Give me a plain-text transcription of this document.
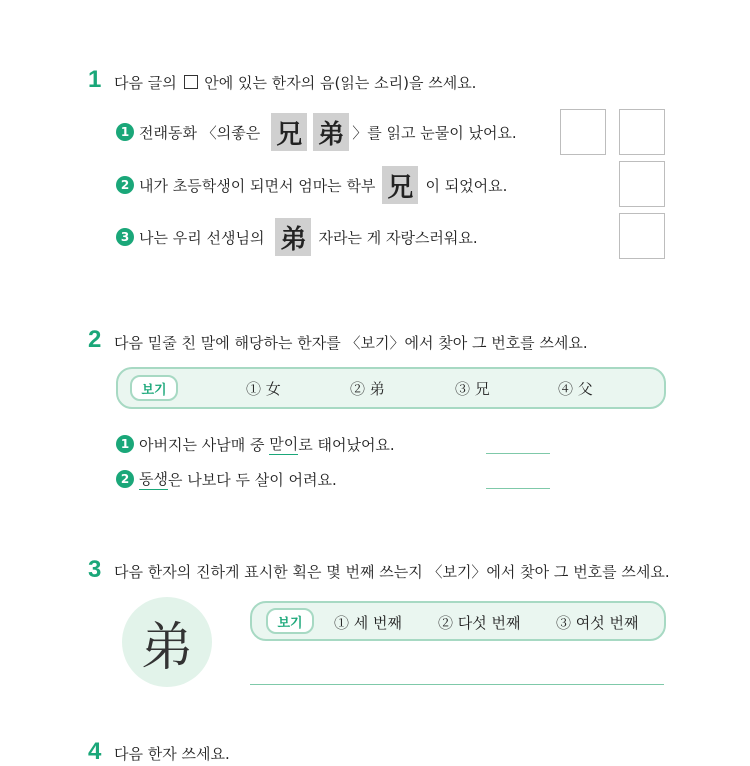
1 다음 글의 안에 있는 한자의 음(읽는 소리)을 쓰세요.
1 전래동화 〈의좋은 兄 弟 〉를 읽고 눈물이 났어요.
2 내가 초등학생이 되면서 엄마는 학부 兄 이 되었어요.
3 나는 우리 선생님의 弟 자라는 게 자랑스러워요.
2 다음 밑줄 친 말에 해당하는 한자를 〈보기〉에서 찾아 그 번호를 쓰세요.
보기	① 女	② 弟	③ 兄	④ 父
1 아버지는 사남매 중 맏이 로 태어났어요.
2 동생 은 나보다 두 살이 어려요.
3 다음 한자의 진하게 표시한 획은 몇 번째 쓰는지 〈보기〉에서 찾아 그 번호를 쓰세요.
弟	보기	① 세 번째 ② 다섯 번째 ③ 여섯 번째
4 다음 한자 쓰세요.
